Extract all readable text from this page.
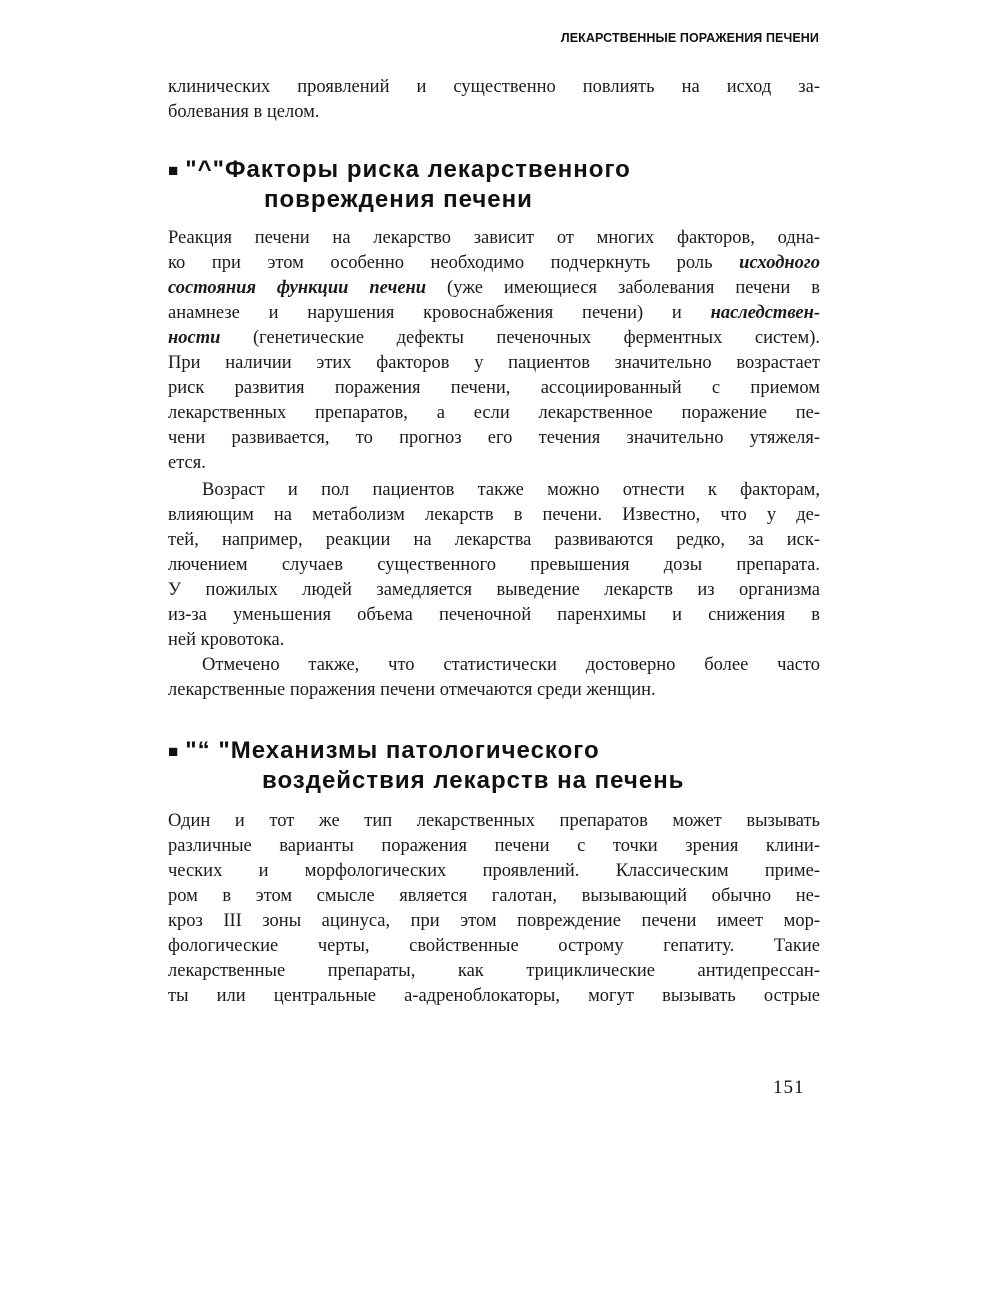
ЛЕКАРСТВЕННЫЕ ПОРАЖЕНИЯ ПЕЧЕНИ
клинических проявлений и существенно повлиять на исход за-
болевания в целом.
■ "^"Факторы риска лекарственного
повреждения печени
Реакция печени на лекарство зависит от многих факторов, одна-
ко при этом особенно необходимо подчеркнуть роль исходного
состояния функции печени (уже имеющиеся заболевания печени в
анамнезе и нарушения кровоснабжения печени) и наследствен-
ности (генетические дефекты печеночных ферментных систем).
При наличии этих факторов у пациентов значительно возрастает
риск развития поражения печени, ассоциированный с приемом
лекарственных препаратов, а если лекарственное поражение пе-
чени развивается, то прогноз его течения значительно утяжеля-
ется.
Возраст и пол пациентов также можно отнести к факторам,
влияющим на метаболизм лекарств в печени. Известно, что у де-
тей, например, реакции на лекарства развиваются редко, за иск-
лючением случаев существенного превышения дозы препарата.
У пожилых людей замедляется выведение лекарств из организма
из-за уменьшения объема печеночной паренхимы и снижения в
ней кровотока.
Отмечено также, что статистически достоверно более часто
лекарственные поражения печени отмечаются среди женщин.
■ "“ "Механизмы патологического
воздействия лекарств на печень
Один и тот же тип лекарственных препаратов может вызывать
различные варианты поражения печени с точки зрения клини-
ческих и морфологических проявлений. Классическим приме-
ром в этом смысле является галотан, вызывающий обычно не-
кроз III зоны ацинуса, при этом повреждение печени имеет мор-
фологические черты, свойственные острому гепатиту. Такие
лекарственные препараты, как трициклические антидепрессан-
ты или центральные а-адреноблокаторы, могут вызывать острые
151
